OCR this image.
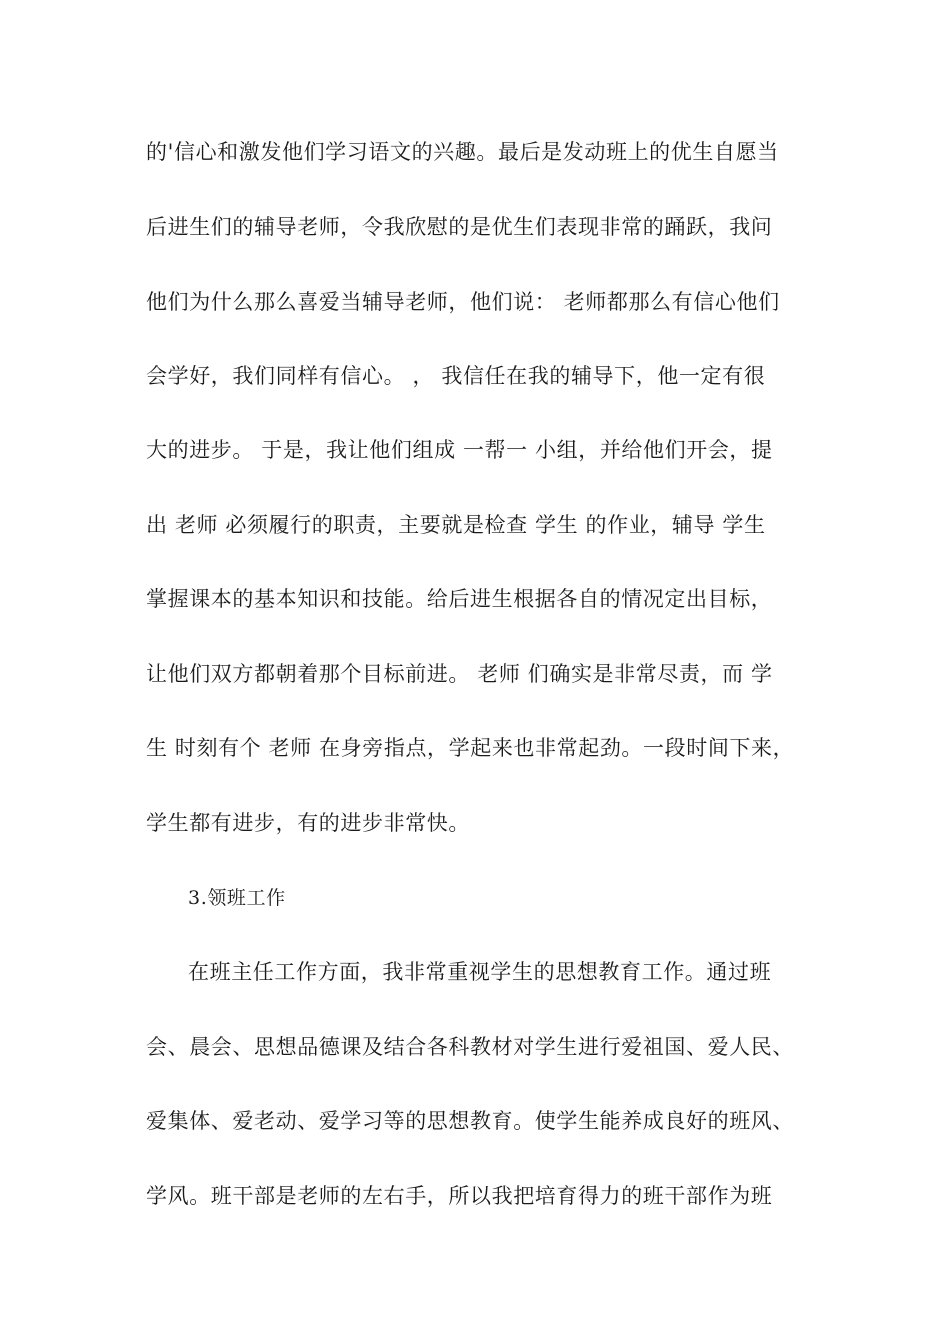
的'信心和激发他们学习语文的兴趣。最后是发动班上的优生自愿当
后进生们的辅导老师，令我欣慰的是优生们表现非常的踊跃，我问
他们为什么那么喜爱当辅导老师，他们说： 老师都那么有信心他们
会学好，我们同样有信心。 ， 我信任在我的辅导下，他一定有很
大的进步。 于是，我让他们组成 一帮一 小组，并给他们开会，提
出 老师 必须履行的职责，主要就是检查 学生 的作业，辅导 学生
掌握课本的基本知识和技能。给后进生根据各自的情况定出目标，
让他们双方都朝着那个目标前进。 老师 们确实是非常尽责，而 学
生 时刻有个 老师 在身旁指点，学起来也非常起劲。一段时间下来，
学生都有进步，有的进步非常快。
3.领班工作
在班主任工作方面，我非常重视学生的思想教育工作。通过班
会、晨会、思想品德课及结合各科教材对学生进行爱祖国、爱人民、
爱集体、爱老动、爱学习等的思想教育。使学生能养成良好的班风、
学风。班干部是老师的左右手，所以我把培育得力的班干部作为班
